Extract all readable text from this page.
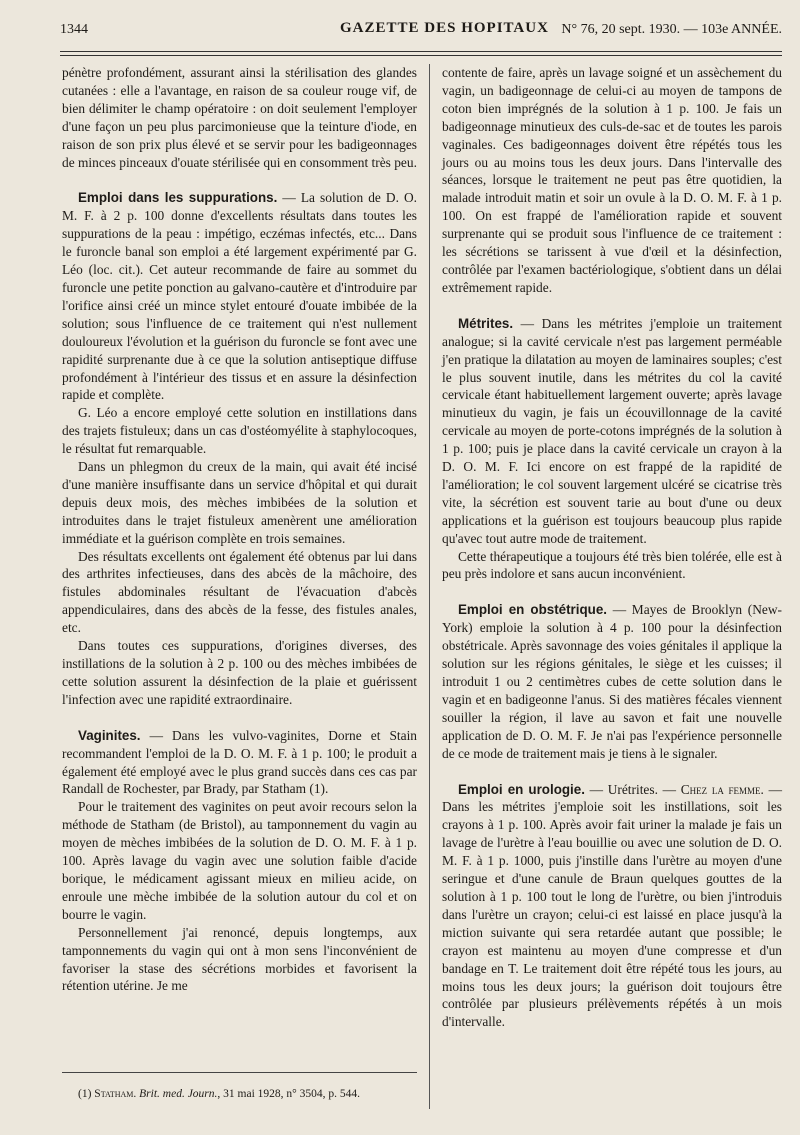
1344	GAZETTE DES HOPITAUX N° 76, 20 sept. 1930. — 103e ANNÉE.

pénètre profondément, assurant ainsi la stérilisation des glandes cutanées : elle a l'avantage, en raison de sa couleur rouge vif, de bien délimiter le champ opératoire : on doit seulement l'employer d'une façon un peu plus parcimonieuse que la teinture d'iode, en raison de son prix plus élevé et se servir pour les badigeonnages de minces pinceaux d'ouate stérilisée qui en consomment très peu.

Emploi dans les suppurations. — La solution de D. O. M. F. à 2 p. 100 donne d'excellents résultats dans toutes les suppurations de la peau : impétigo, eczémas infectés, etc... Dans le furoncle banal son emploi a été largement expérimenté par G. Léo (loc. cit.). Cet auteur recommande de faire au sommet du furoncle une petite ponction au galvano-cautère et d'introduire par l'orifice ainsi créé un mince stylet entouré d'ouate imbibée de la solution; sous l'influence de ce traitement qui n'est nullement douloureux l'évolution et la guérison du furoncle se font avec une rapidité surprenante due à ce que la solution antiseptique diffuse profondément à l'intérieur des tissus et en assure la désinfection rapide et complète.

G. Léo a encore employé cette solution en instillations dans des trajets fistuleux; dans un cas d'ostéomyélite à staphylocoques, le résultat fut remarquable.

Dans un phlegmon du creux de la main, qui avait été incisé d'une manière insuffisante dans un service d'hôpital et qui durait depuis deux mois, des mèches imbibées de la solution et introduites dans le trajet fistuleux amenèrent une amélioration immédiate et la guérison complète en trois semaines.

Des résultats excellents ont également été obtenus par lui dans des arthrites infectieuses, dans des abcès de la mâchoire, des fistules abdominales résultant de l'évacuation d'abcès appendiculaires, dans des abcès de la fesse, des fistules anales, etc.

Dans toutes ces suppurations, d'origines diverses, des instillations de la solution à 2 p. 100 ou des mèches imbibées de cette solution assurent la désinfection de la plaie et guérissent l'infection avec une rapidité extraordinaire.

Vaginites. — Dans les vulvo-vaginites, Dorne et Stain recommandent l'emploi de la D. O. M. F. à 1 p. 100; le produit a également été employé avec le plus grand succès dans ces cas par Randall de Rochester, par Brady, par Statham (1).

Pour le traitement des vaginites on peut avoir recours selon la méthode de Statham (de Bristol), au tamponnement du vagin au moyen de mèches imbibées de la solution de D. O. M. F. à 1 p. 100. Après lavage du vagin avec une solution faible d'acide borique, le médicament agissant mieux en milieu acide, on enroule une mèche imbibée de la solution autour du col et on bourre le vagin.

Personnellement j'ai renoncé, depuis longtemps, aux tamponnements du vagin qui ont à mon sens l'inconvénient de favoriser la stase des sécrétions morbides et favorisent la rétention utérine. Je me

(1) Statham. Brit. med. Journ., 31 mai 1928, n° 3504, p. 544.

contente de faire, après un lavage soigné et un assèchement du vagin, un badigeonnage de celui-ci au moyen de tampons de coton bien imprégnés de la solution à 1 p. 100. Je fais un badigeonnage minutieux des culs-de-sac et de toutes les parois vaginales. Ces badigeonnages doivent être répétés tous les jours ou au moins tous les deux jours. Dans l'intervalle des séances, lorsque le traitement ne peut pas être quotidien, la malade introduit matin et soir un ovule à la D. O. M. F. à 1 p. 100. On est frappé de l'amélioration rapide et souvent surprenante qui se produit sous l'influence de ce traitement : les sécrétions se tarissent à vue d'œil et la désinfection, contrôlée par l'examen bactériologique, s'obtient dans un délai extrêmement rapide.

Métrites. — Dans les métrites j'emploie un traitement analogue; si la cavité cervicale n'est pas largement perméable j'en pratique la dilatation au moyen de laminaires souples; c'est le plus souvent inutile, dans les métrites du col la cavité cervicale étant habituellement largement ouverte; après lavage minutieux du vagin, je fais un écouvillonnage de la cavité cervicale au moyen de porte-cotons imprégnés de la solution à 1 p. 100; puis je place dans la cavité cervicale un crayon à la D. O. M. F. Ici encore on est frappé de la rapidité de l'amélioration; le col souvent largement ulcéré se cicatrise très vite, la sécrétion est souvent tarie au bout d'une ou deux applications et la guérison est toujours beaucoup plus rapide qu'avec tout autre mode de traitement.

Cette thérapeutique a toujours été très bien tolérée, elle est à peu près indolore et sans aucun inconvénient.

Emploi en obstétrique. — Mayes de Brooklyn (New-York) emploie la solution à 4 p. 100 pour la désinfection obstétricale. Après savonnage des voies génitales il applique la solution sur les régions génitales, le siège et les cuisses; il introduit 1 ou 2 centimètres cubes de cette solution dans le vagin et en badigeonne l'anus. Si des matières fécales viennent souiller la région, il lave au savon et fait une nouvelle application de D. O. M. F. Je n'ai pas l'expérience personnelle de ce mode de traitement mais je tiens à le signaler.

Emploi en urologie. — Urétrites. — Chez la femme. — Dans les métrites j'emploie soit les instillations, soit les crayons à 1 p. 100. Après avoir fait uriner la malade je fais un lavage de l'urètre à l'eau bouillie ou avec une solution de D. O. M. F. à 1 p. 1000, puis j'instille dans l'urètre au moyen d'une seringue et d'une canule de Braun quelques gouttes de la solution à 1 p. 100 tout le long de l'urètre, ou bien j'introduis dans l'urètre un crayon; celui-ci est laissé en place jusqu'à la miction suivante qui sera retardée autant que possible; le crayon est maintenu au moyen d'une compresse et d'un bandage en T. Le traitement doit être répété tous les jours, au moins tous les deux jours; la guérison doit toujours être contrôlée par plusieurs prélèvements répétés à un mois d'intervalle.
